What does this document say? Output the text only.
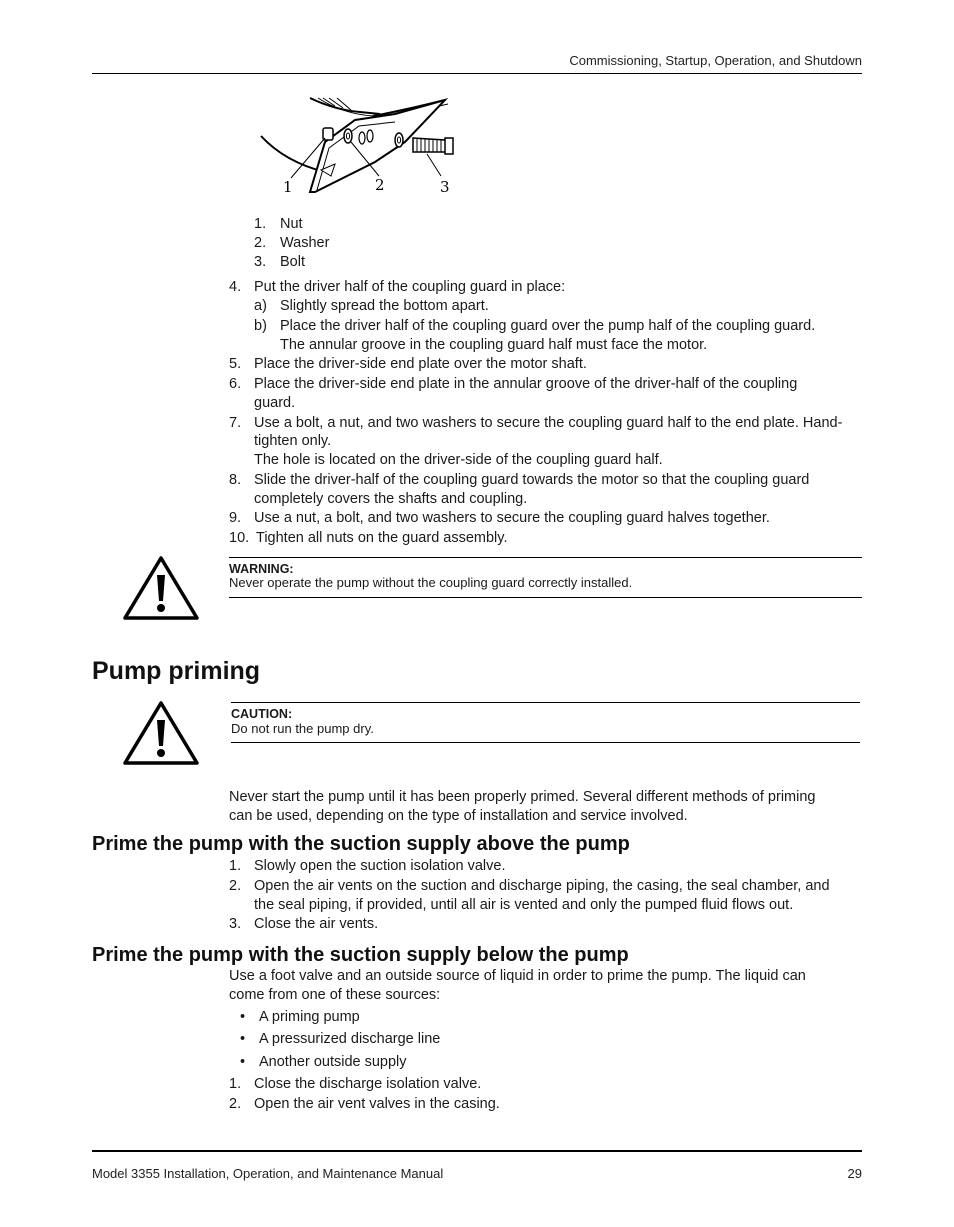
Commissioning, Startup, Operation, and Shutdown
1	2	3
1. Nut
2. Washer
3. Bolt
4. Put the driver half of the coupling guard in place:
a) Slightly spread the bottom apart.
b) Place the driver half of the coupling guard over the pump half of the coupling guard.
The annular groove in the coupling guard half must face the motor.
5. Place the driver-side end plate over the motor shaft.
6. Place the driver-side end plate in the annular groove of the driver-half of the coupling
guard.
7. Use a bolt, a nut, and two washers to secure the coupling guard half to the end plate. Hand-
tighten only.
The hole is located on the driver-side of the coupling guard half.
8. Slide the driver-half of the coupling guard towards the motor so that the coupling guard
completely covers the shafts and coupling.
9. Use a nut, a bolt, and two washers to secure the coupling guard halves together.
10. Tighten all nuts on the guard assembly.
WARNING:
Never operate the pump without the coupling guard correctly installed.
Pump priming
CAUTION:
Do not run the pump dry.
Never start the pump until it has been properly primed. Several different methods of priming
can be used, depending on the type of installation and service involved.
Prime the pump with the suction supply above the pump
1. Slowly open the suction isolation valve.
2. Open the air vents on the suction and discharge piping, the casing, the seal chamber, and
the seal piping, if provided, until all air is vented and only the pumped fluid flows out.
3. Close the air vents.
Prime the pump with the suction supply below the pump
Use a foot valve and an outside source of liquid in order to prime the pump. The liquid can
come from one of these sources:
• A priming pump
• A pressurized discharge line
• Another outside supply
1. Close the discharge isolation valve.
2. Open the air vent valves in the casing.
Model 3355 Installation, Operation, and Maintenance Manual	29
